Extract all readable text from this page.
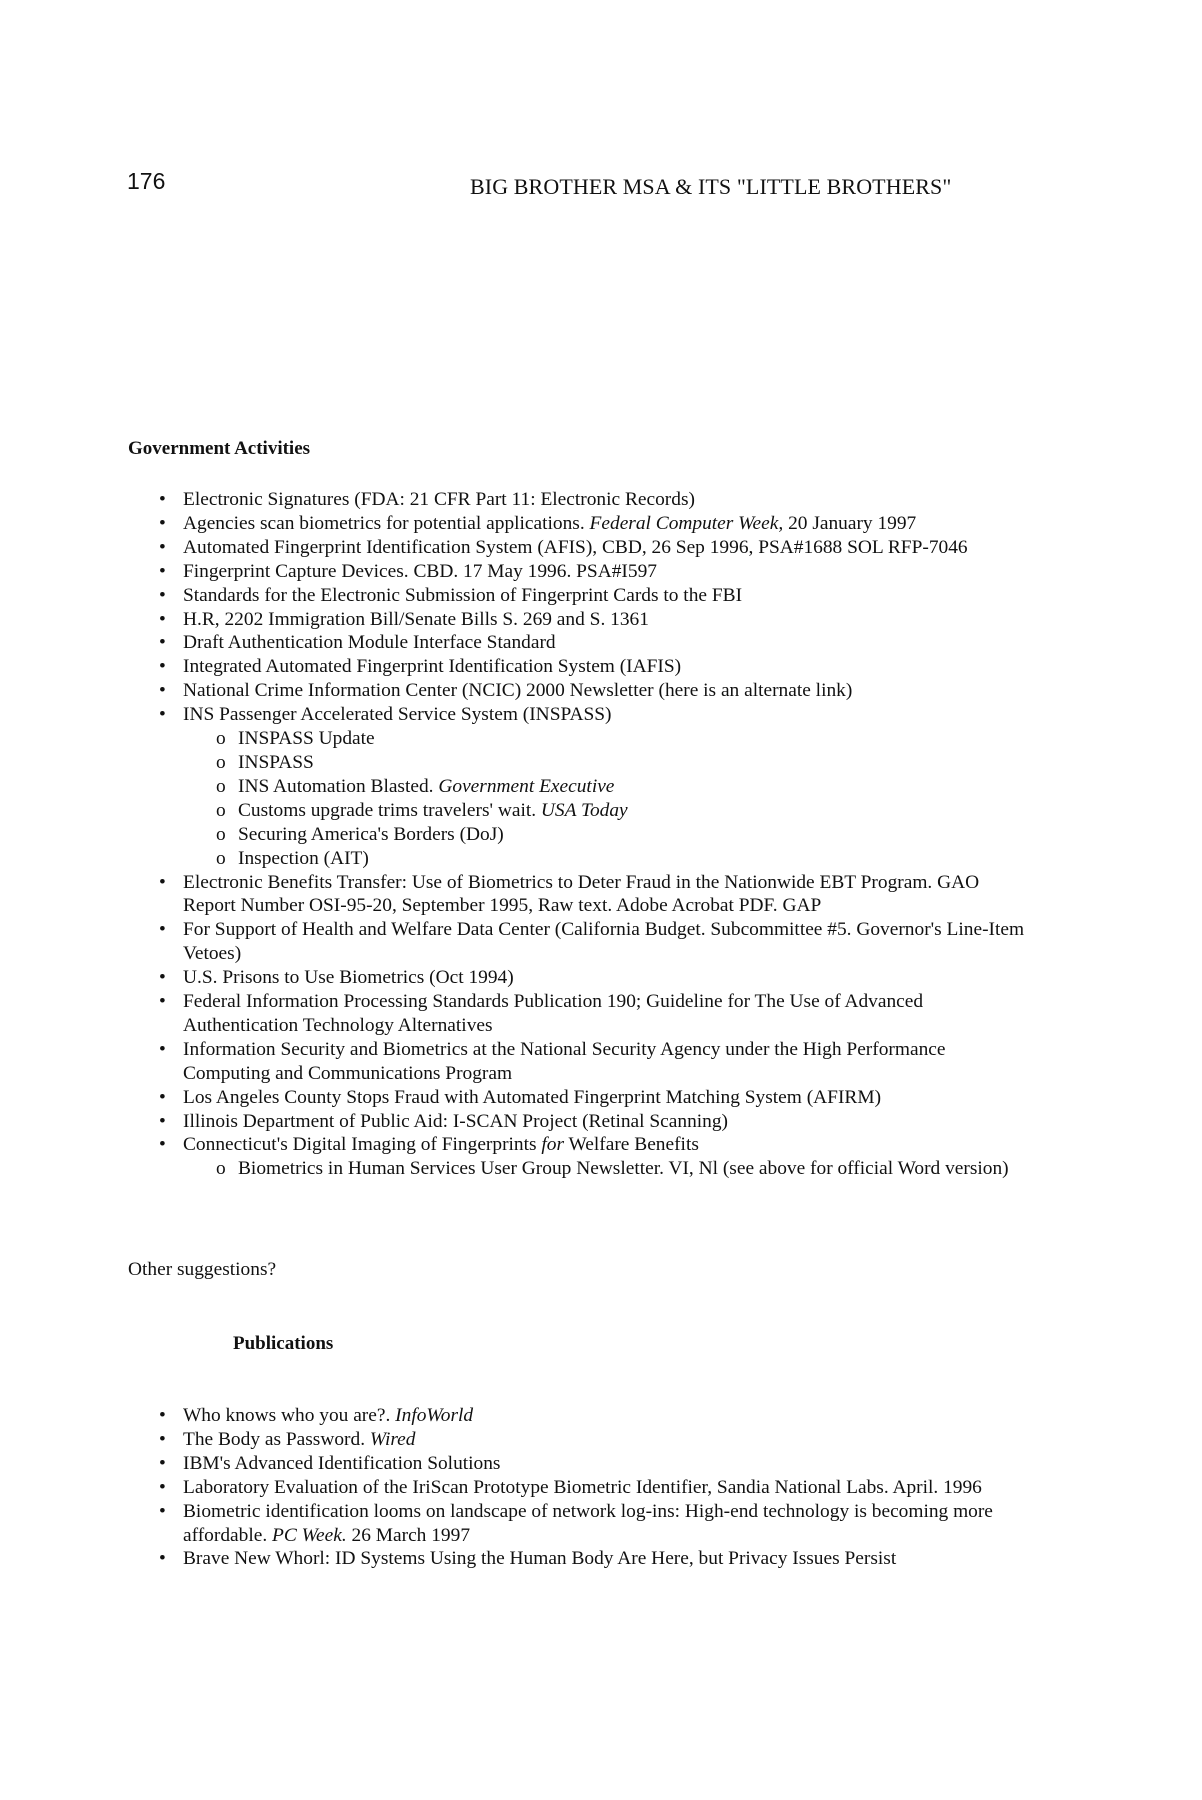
176	BIG BROTHER MSA & ITS "LITTLE BROTHERS"
Government Activities
• Electronic Signatures (FDA: 21 CFR Part 11: Electronic Records)
• Agencies scan biometrics for potential applications. Federal Computer Week, 20 January 1997
• Automated Fingerprint Identification System (AFIS), CBD, 26 Sep 1996, PSA#1688 SOL RFP-7046
• Fingerprint Capture Devices. CBD. 17 May 1996. PSA#I597
• Standards for the Electronic Submission of Fingerprint Cards to the FBI
• H.R, 2202 Immigration Bill/Senate Bills S. 269 and S. 1361
• Draft Authentication Module Interface Standard
• Integrated Automated Fingerprint Identification System (IAFIS)
• National Crime Information Center (NCIC) 2000 Newsletter (here is an alternate link)
• INS Passenger Accelerated Service System (INSPASS)
o INSPASS Update
o INSPASS
o INS Automation Blasted. Government Executive
o Customs upgrade trims travelers' wait. USA Today
o Securing America's Borders (DoJ)
o Inspection (AIT)
• Electronic Benefits Transfer: Use of Biometrics to Deter Fraud in the Nationwide EBT Program. GAO Report Number OSI-95-20, September 1995, Raw text. Adobe Acrobat PDF. GAP
• For Support of Health and Welfare Data Center (California Budget. Subcommittee #5. Governor's Line-Item Vetoes)
• U.S. Prisons to Use Biometrics (Oct 1994)
• Federal Information Processing Standards Publication 190; Guideline for The Use of Advanced Authentication Technology Alternatives
• Information Security and Biometrics at the National Security Agency under the High Performance Computing and Communications Program
• Los Angeles County Stops Fraud with Automated Fingerprint Matching System (AFIRM)
• Illinois Department of Public Aid: I-SCAN Project (Retinal Scanning)
• Connecticut's Digital Imaging of Fingerprints for Welfare Benefits
o Biometrics in Human Services User Group Newsletter. VI, Nl (see above for official Word version)
Other suggestions?
Publications
• Who knows who you are?. InfoWorld
• The Body as Password. Wired
• IBM's Advanced Identification Solutions
• Laboratory Evaluation of the IriScan Prototype Biometric Identifier, Sandia National Labs. April. 1996
• Biometric identification looms on landscape of network log-ins: High-end technology is becoming more affordable. PC Week. 26 March 1997
• Brave New Whorl: ID Systems Using the Human Body Are Here, but Privacy Issues Persist
